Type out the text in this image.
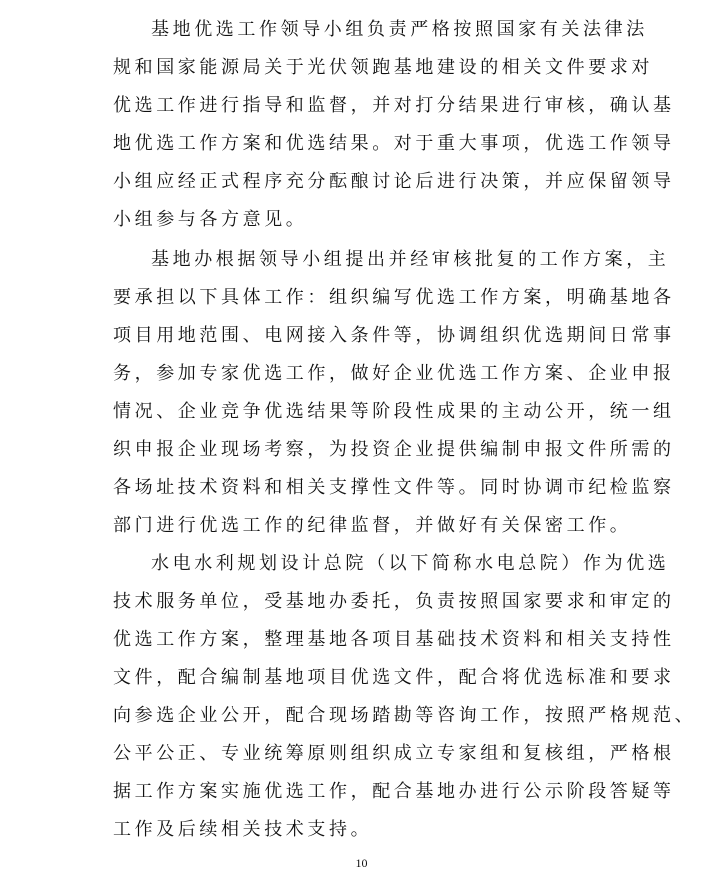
基地优选工作领导小组负责严格按照国家有关法律法
规和国家能源局关于光伏领跑基地建设的相关文件要求对
优选工作进行指导和监督，并对打分结果进行审核，确认基
地优选工作方案和优选结果。对于重大事项，优选工作领导
小组应经正式程序充分酝酿讨论后进行决策，并应保留领导
小组参与各方意见。
基地办根据领导小组提出并经审核批复的工作方案，主
要承担以下具体工作：组织编写优选工作方案，明确基地各
项目用地范围、电网接入条件等，协调组织优选期间日常事
务，参加专家优选工作，做好企业优选工作方案、企业申报
情况、企业竞争优选结果等阶段性成果的主动公开，统一组
织申报企业现场考察，为投资企业提供编制申报文件所需的
各场址技术资料和相关支撑性文件等。同时协调市纪检监察
部门进行优选工作的纪律监督，并做好有关保密工作。
水电水利规划设计总院（以下简称水电总院）作为优选
技术服务单位，受基地办委托，负责按照国家要求和审定的
优选工作方案，整理基地各项目基础技术资料和相关支持性
文件，配合编制基地项目优选文件，配合将优选标准和要求
向参选企业公开，配合现场踏勘等咨询工作，按照严格规范、
公平公正、专业统筹原则组织成立专家组和复核组，严格根
据工作方案实施优选工作，配合基地办进行公示阶段答疑等
工作及后续相关技术支持。
10
